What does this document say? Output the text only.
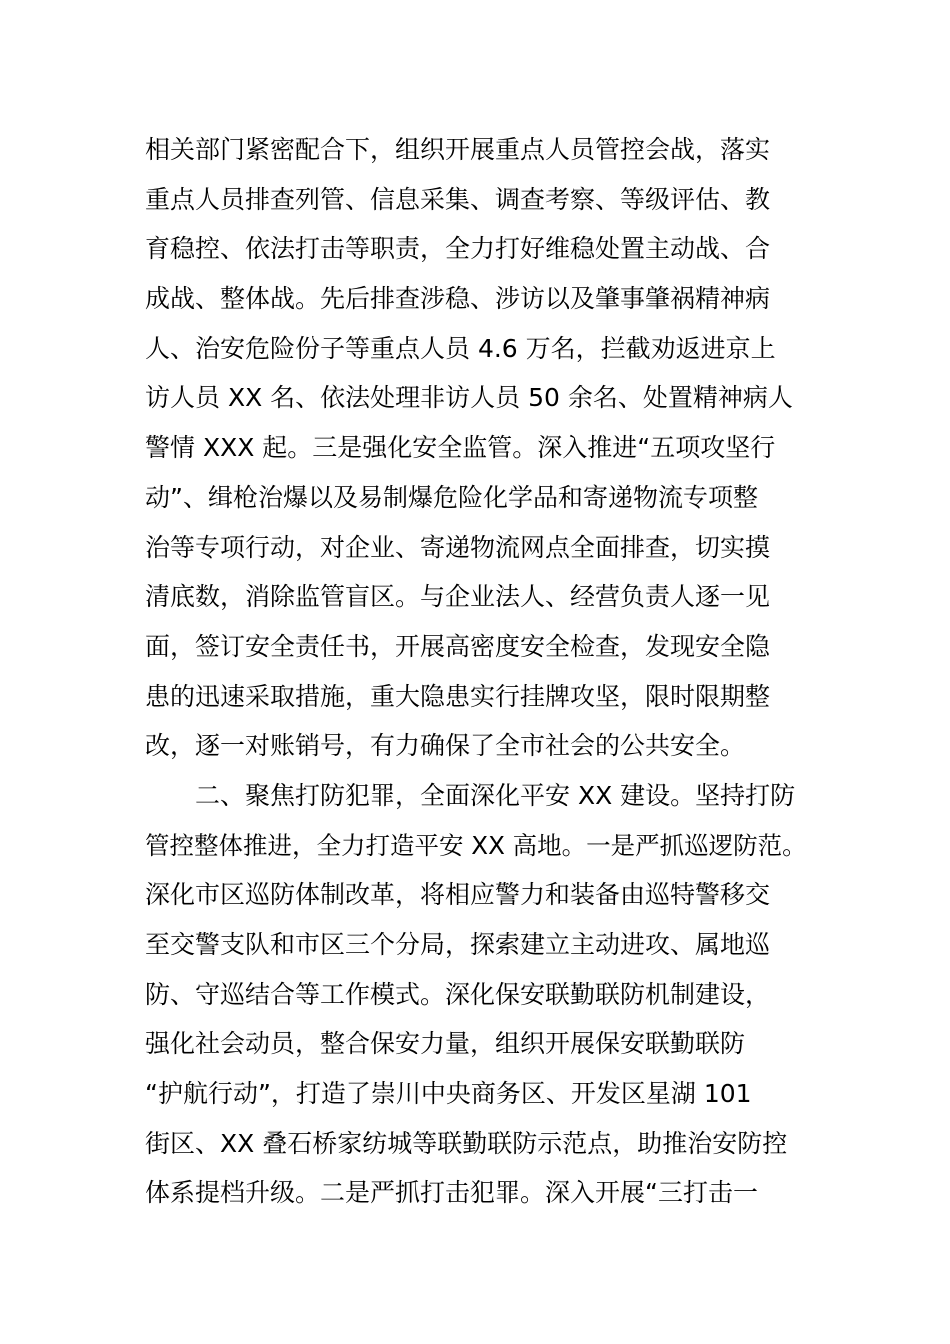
相关部门紧密配合下，组织开展重点人员管控会战，落实
重点人员排查列管、信息采集、调查考察、等级评估、教
育稳控、依法打击等职责，全力打好维稳处置主动战、合
成战、整体战。先后排查涉稳、涉访以及肇事肇祸精神病
人、治安危险份子等重点人员 4.6 万名，拦截劝返进京上
访人员 XX 名、依法处理非访人员 50 余名、处置精神病人
警情 XXX 起。三是强化安全监管。深入推进“五项攻坚行
动”、缉枪治爆以及易制爆危险化学品和寄递物流专项整
治等专项行动，对企业、寄递物流网点全面排查，切实摸
清底数，消除监管盲区。与企业法人、经营负责人逐一见
面，签订安全责任书，开展高密度安全检查，发现安全隐
患的迅速采取措施，重大隐患实行挂牌攻坚，限时限期整
改，逐一对账销号，有力确保了全市社会的公共安全。
二、聚焦打防犯罪，全面深化平安 XX 建设。坚持打防
管控整体推进，全力打造平安 XX 高地。一是严抓巡逻防范。
深化市区巡防体制改革，将相应警力和装备由巡特警移交
至交警支队和市区三个分局，探索建立主动进攻、属地巡
防、守巡结合等工作模式。深化保安联勤联防机制建设，
强化社会动员，整合保安力量，组织开展保安联勤联防
“护航行动”，打造了崇川中央商务区、开发区星湖 101
街区、XX 叠石桥家纺城等联勤联防示范点，助推治安防控
体系提档升级。二是严抓打击犯罪。深入开展“三打击一
